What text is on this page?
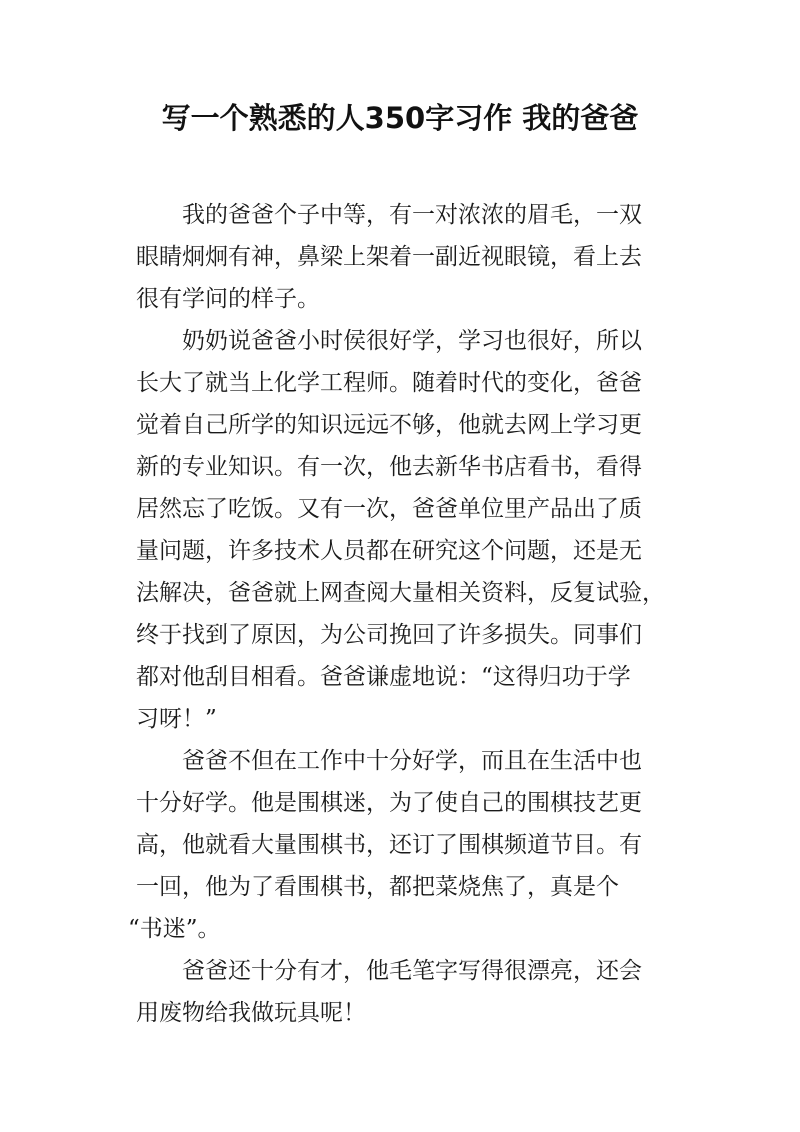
写一个熟悉的人350字习作 我的爸爸

我的爸爸个子中等，有一对浓浓的眉毛，一双

眼睛炯炯有神，鼻梁上架着一副近视眼镜，看上去

很有学问的样子。

奶奶说爸爸小时侯很好学，学习也很好，所以

长大了就当上化学工程师。随着时代的变化，爸爸

觉着自己所学的知识远远不够，他就去网上学习更

新的专业知识。有一次，他去新华书店看书，看得

居然忘了吃饭。又有一次，爸爸单位里产品出了质

量问题，许多技术人员都在研究这个问题，还是无

法解决，爸爸就上网查阅大量相关资料，反复试验，

终于找到了原因，为公司挽回了许多损失。同事们

都对他刮目相看。爸爸谦虚地说：“这得归功于学

习呀！”

爸爸不但在工作中十分好学，而且在生活中也

十分好学。他是围棋迷，为了使自己的围棋技艺更

高，他就看大量围棋书，还订了围棋频道节目。有

一回，他为了看围棋书，都把菜烧焦了，真是个

“书迷”。

爸爸还十分有才，他毛笔字写得很漂亮，还会

用废物给我做玩具呢！
